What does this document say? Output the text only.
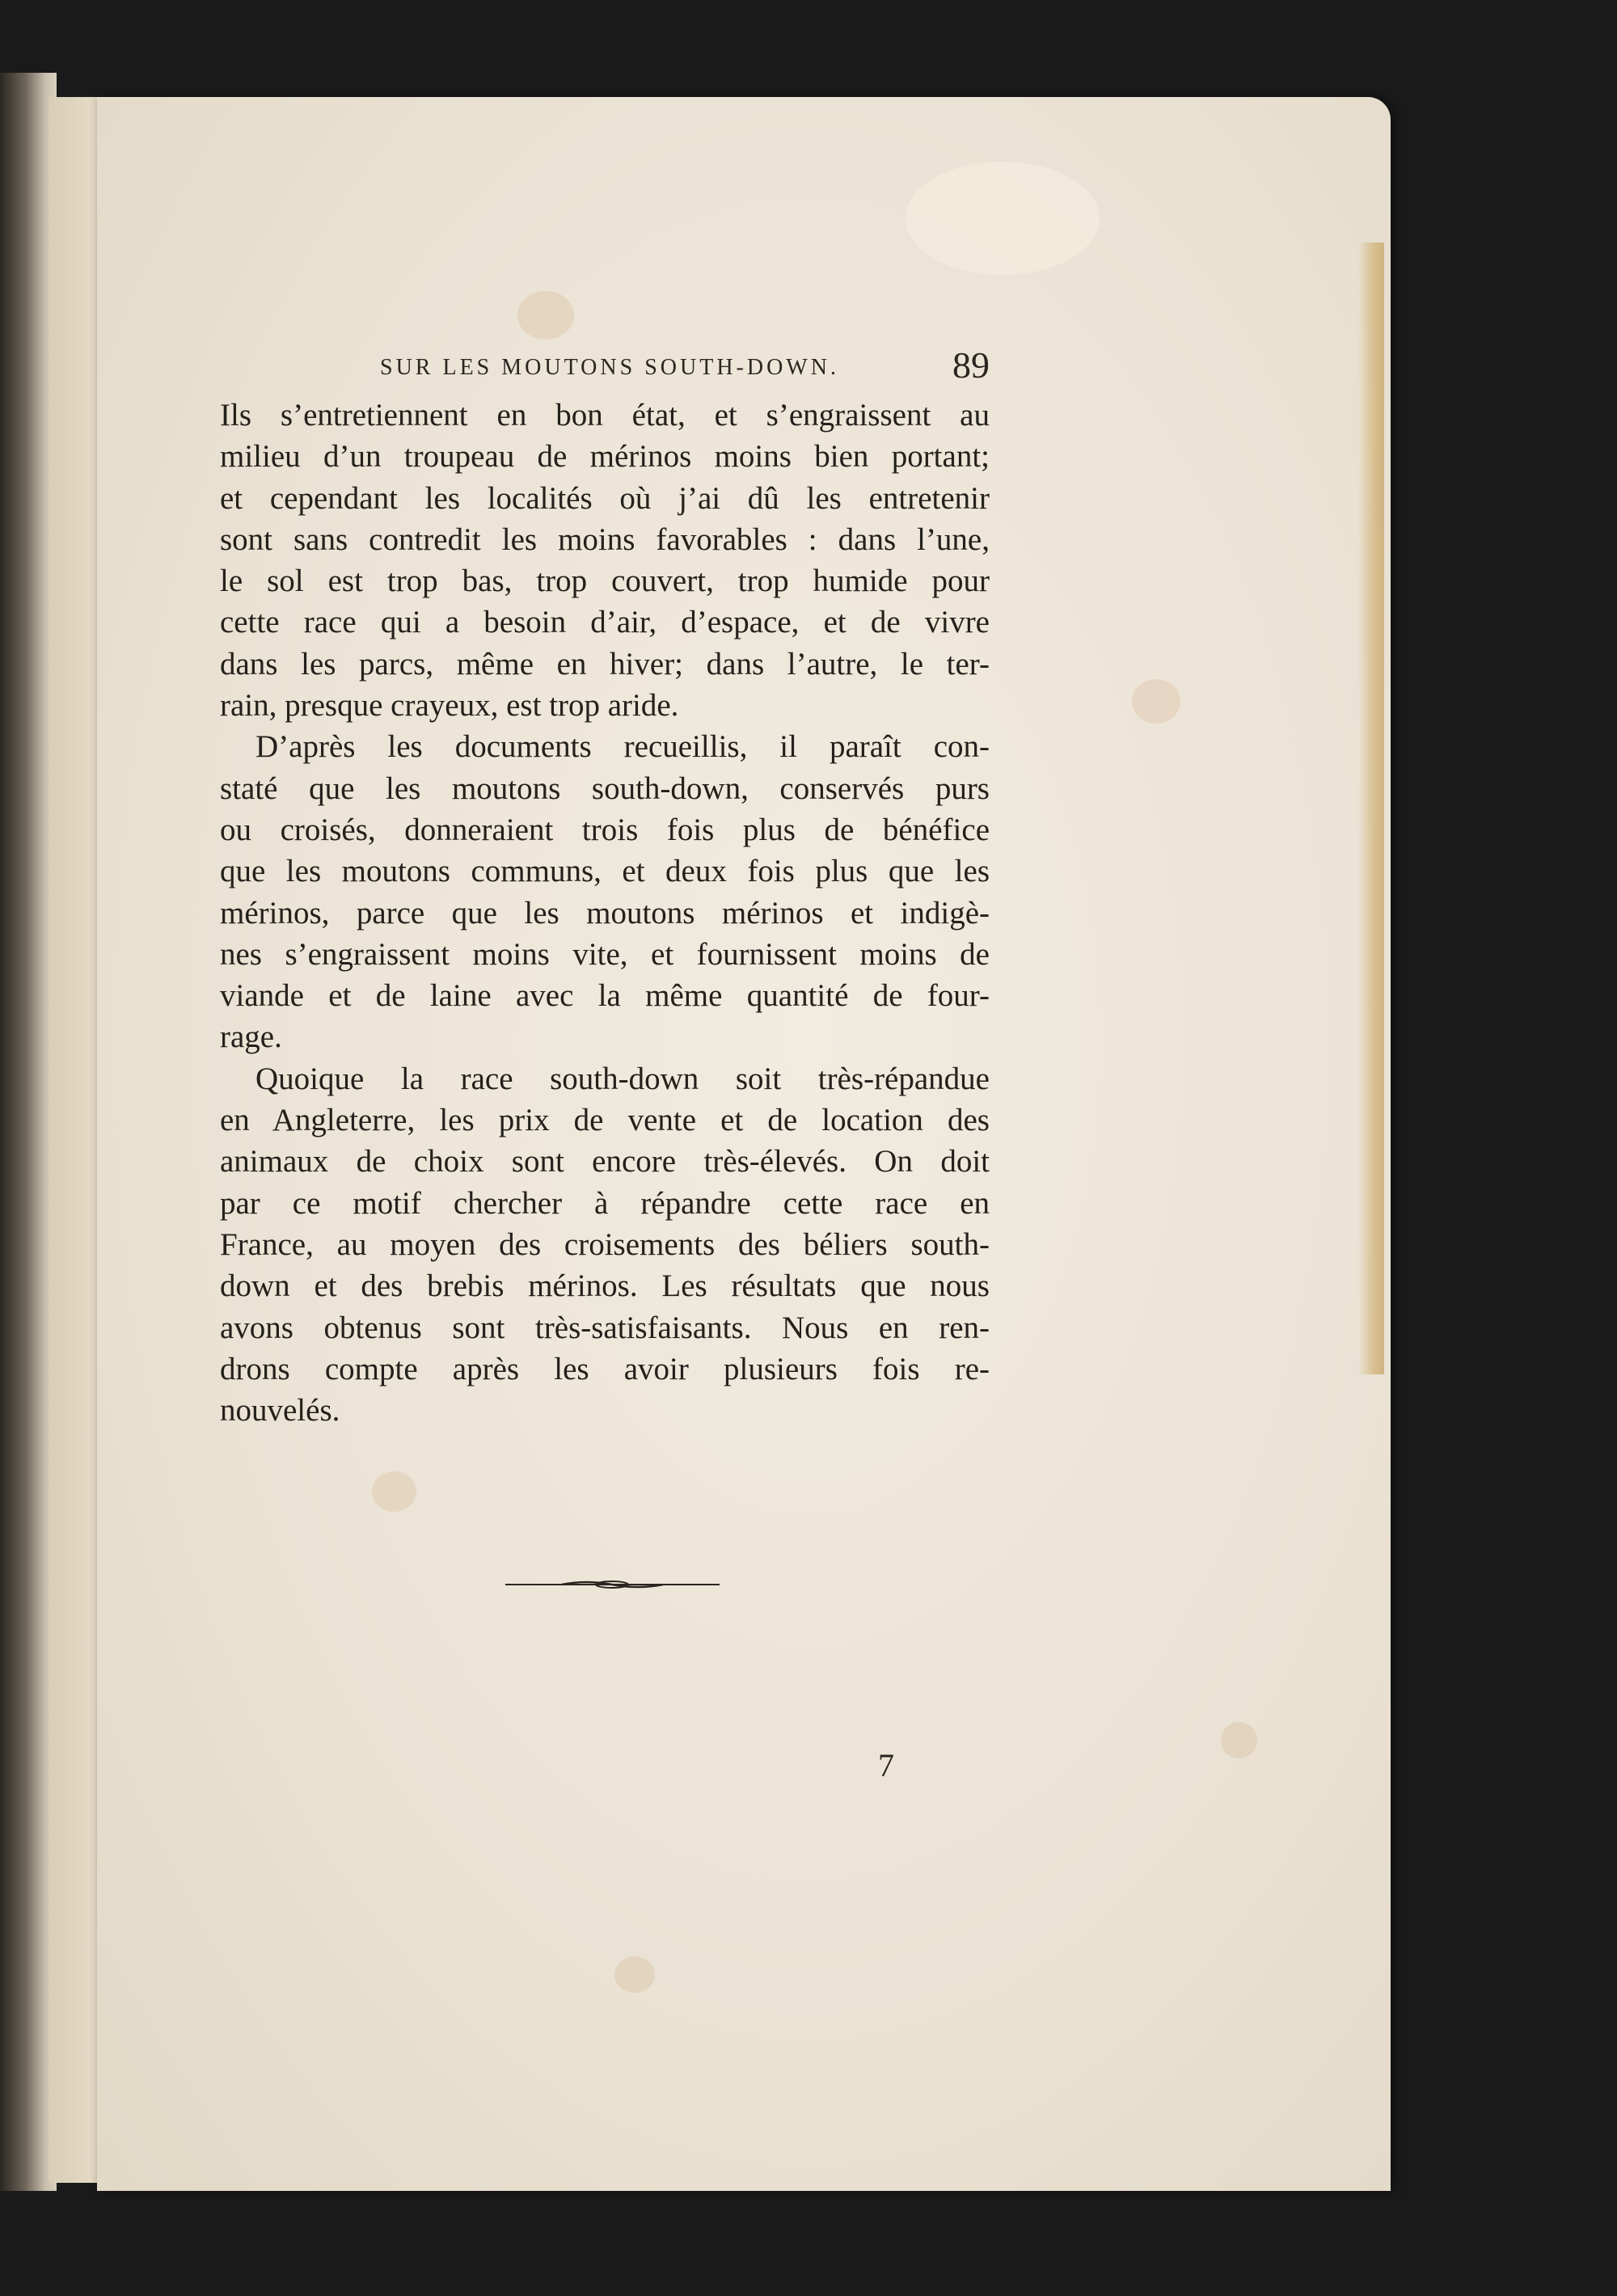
SUR LES MOUTONS SOUTH-DOWN.	89
Ils s’entretiennent en bon état, et s’engraissent au
milieu d’un troupeau de mérinos moins bien portant;
et cependant les localités où j’ai dû les entretenir
sont sans contredit les moins favorables : dans l’une,
le sol est trop bas, trop couvert, trop humide pour
cette race qui a besoin d’air, d’espace, et de vivre
dans les parcs, même en hiver; dans l’autre, le ter-
rain, presque crayeux, est trop aride.
D’après les documents recueillis, il paraît con-
staté que les moutons south-down, conservés purs
ou croisés, donneraient trois fois plus de bénéfice
que les moutons communs, et deux fois plus que les
mérinos, parce que les moutons mérinos et indigè-
nes s’engraissent moins vite, et fournissent moins de
viande et de laine avec la même quantité de four-
rage.
Quoique la race south-down soit très-répandue
en Angleterre, les prix de vente et de location des
animaux de choix sont encore très-élevés. On doit
par ce motif chercher à répandre cette race en
France, au moyen des croisements des béliers south-
down et des brebis mérinos. Les résultats que nous
avons obtenus sont très-satisfaisants. Nous en ren-
drons compte après les avoir plusieurs fois re-
nouvelés.
7
